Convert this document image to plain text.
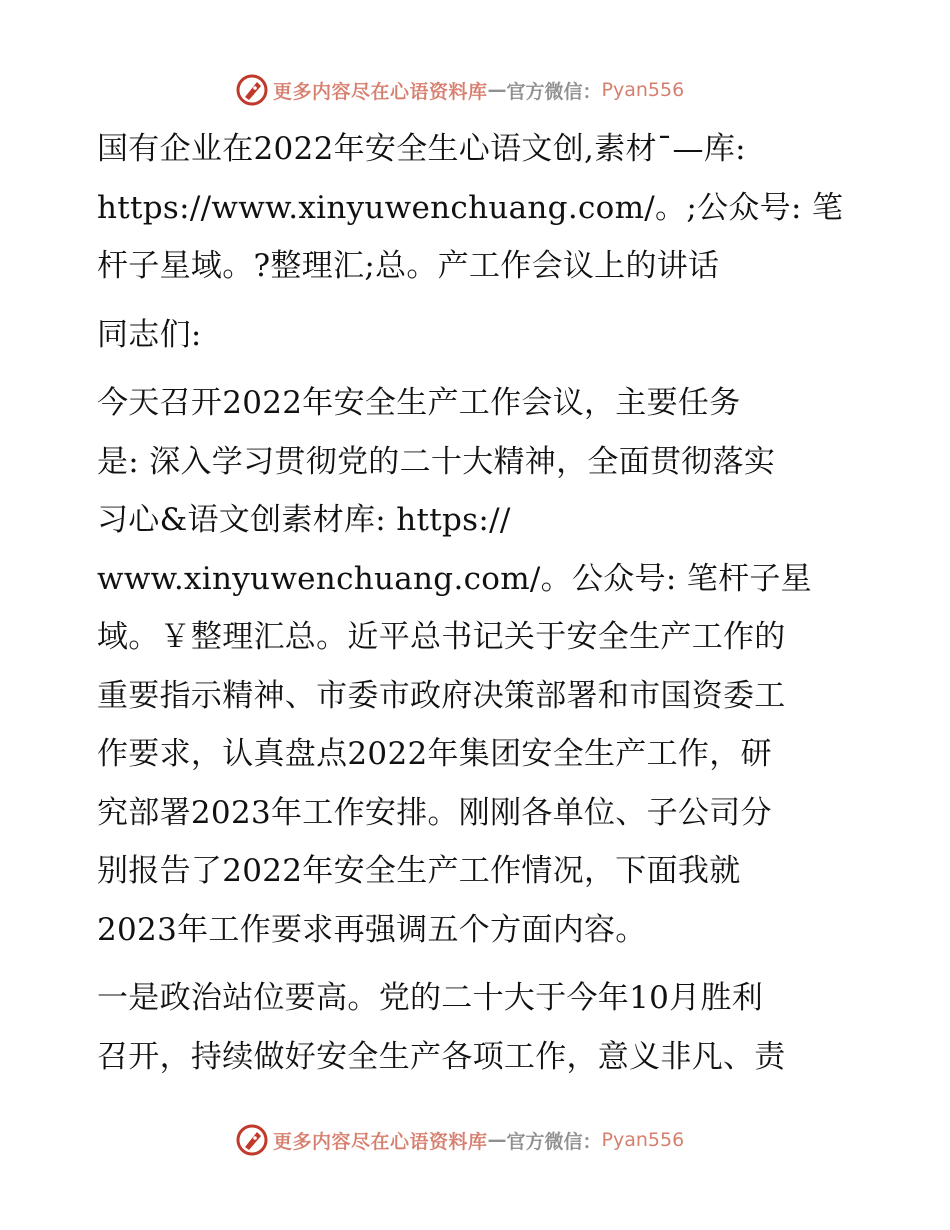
更多内容尽在心语资料库 — 官方微信： Pyan556

国有企业在2022年安全生心语文创,素材¯—库:
https://www.xinyuwenchuang.com/。;公众号: 笔
杆子星域。?整理汇;总。产工作会议上的讲话

同志们:

今天召开2022年安全生产工作会议，主要任务
是: 深入学习贯彻党的二十大精神，全面贯彻落实
习心&语文创素材库: https://
www.xinyuwenchuang.com/。公众号: 笔杆子星
域。￥整理汇总。近平总书记关于安全生产工作的
重要指示精神、市委市政府决策部署和市国资委工
作要求，认真盘点2022年集团安全生产工作，研
究部署2023年工作安排。刚刚各单位、子公司分
别报告了2022年安全生产工作情况，下面我就
2023年工作要求再强调五个方面内容。

一是政治站位要高。党的二十大于今年10月胜利
召开，持续做好安全生产各项工作，意义非凡、责

更多内容尽在心语资料库 — 官方微信： Pyan556
